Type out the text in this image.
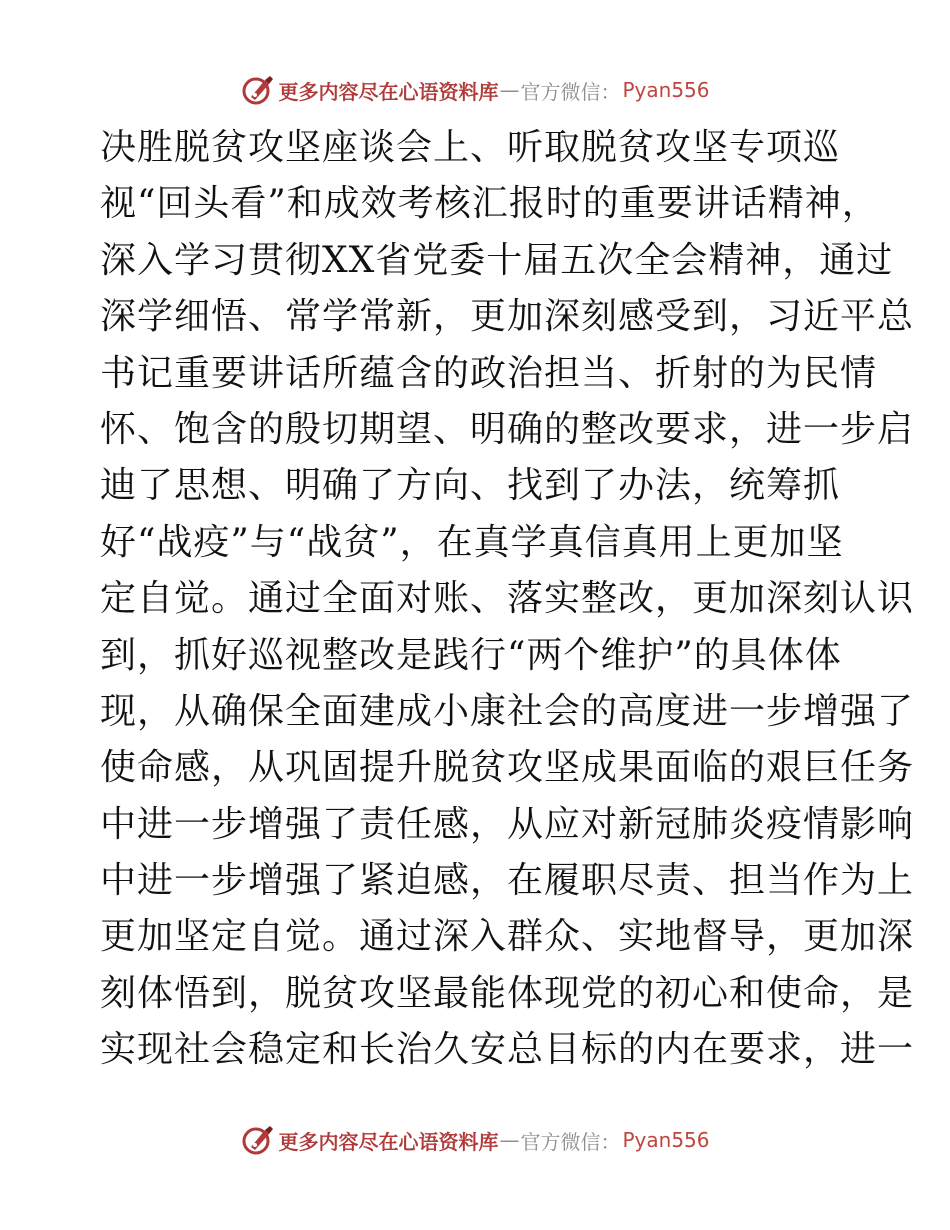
更多内容尽在心语资料库 — 官方微信： Pyan556
决胜脱贫攻坚座谈会上、听取脱贫攻坚专项巡
视“回头看”和成效考核汇报时的重要讲话精神，
深入学习贯彻XX省党委十届五次全会精神，通过
深学细悟、常学常新，更加深刻感受到，习近平总
书记重要讲话所蕴含的政治担当、折射的为民情
怀、饱含的殷切期望、明确的整改要求，进一步启
迪了思想、明确了方向、找到了办法，统筹抓
好“战疫”与“战贫”，在真学真信真用上更加坚
定自觉。通过全面对账、落实整改，更加深刻认识
到，抓好巡视整改是践行“两个维护”的具体体
现，从确保全面建成小康社会的高度进一步增强了
使命感，从巩固提升脱贫攻坚成果面临的艰巨任务
中进一步增强了责任感，从应对新冠肺炎疫情影响
中进一步增强了紧迫感，在履职尽责、担当作为上
更加坚定自觉。通过深入群众、实地督导，更加深
刻体悟到，脱贫攻坚最能体现党的初心和使命，是
实现社会稳定和长治久安总目标的内在要求，进一
更多内容尽在心语资料库 — 官方微信： Pyan556
